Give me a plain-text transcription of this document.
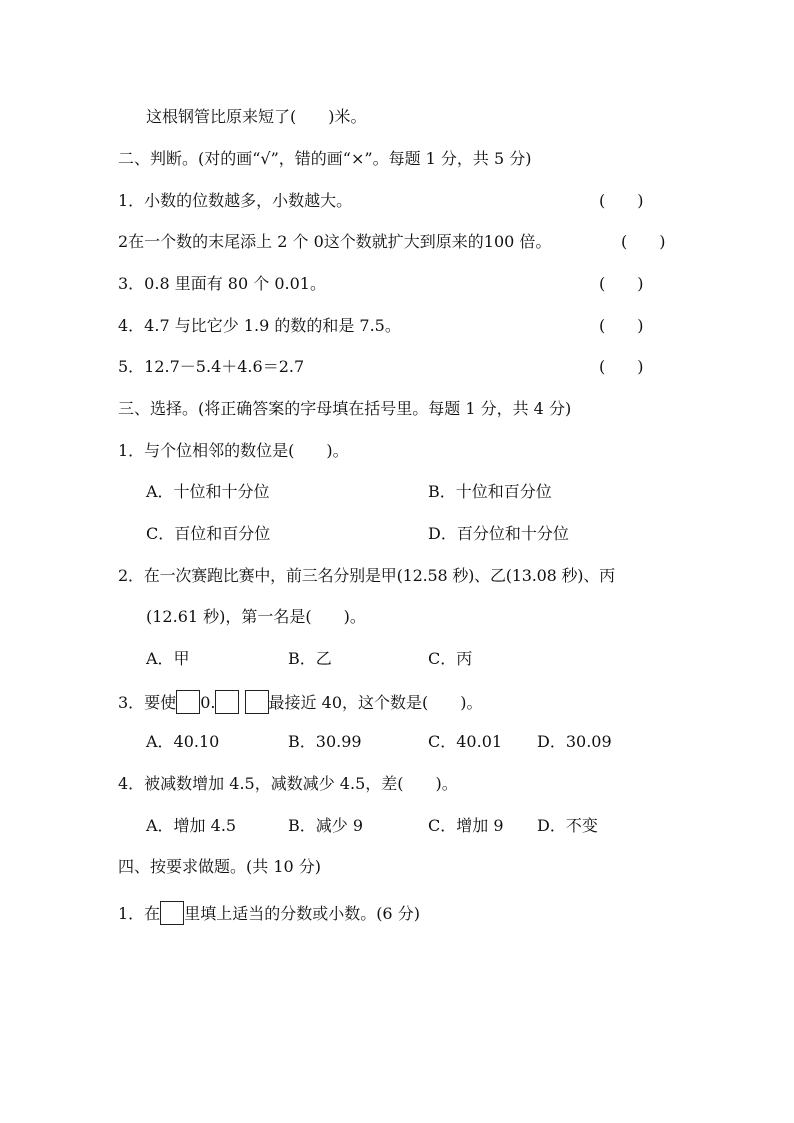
这根钢管比原来短了(　　)米。
二、判断。(对的画“√”，错的画“×”。每题 1 分，共 5 分)
1．小数的位数越多，小数越大。	(　　)
2在一个数的末尾添上 2 个 0这个数就扩大到原来的100 倍。	(　　)
3．0.8 里面有 80 个 0.01。	(　　)
4．4.7 与比它少 1.9 的数的和是 7.5。	(　　)
5．12.7－5.4＋4.6＝2.7	(　　)
三、选择。(将正确答案的字母填在括号里。每题 1 分，共 4 分)
1．与个位相邻的数位是(　　)。
A．十位和十分位	B．十位和百分位
C．百位和百分位	D．百分位和十分位
2．在一次赛跑比赛中，前三名分别是甲(12.58 秒)、乙(13.08 秒)、丙
(12.61 秒)，第一名是(　　)。
A．甲	B．乙	C．丙
3．要使 0.	最接近 40，这个数是(　　)。
A．40.10	B．30.99	C．40.01 D．30.09
4．被减数增加 4.5，减数减少 4.5，差(　　)。
A．增加 4.5	B．减少 9	C．增加 9 D．不变
四、按要求做题。(共 10 分)
1．在 里填上适当的分数或小数。(6 分)
